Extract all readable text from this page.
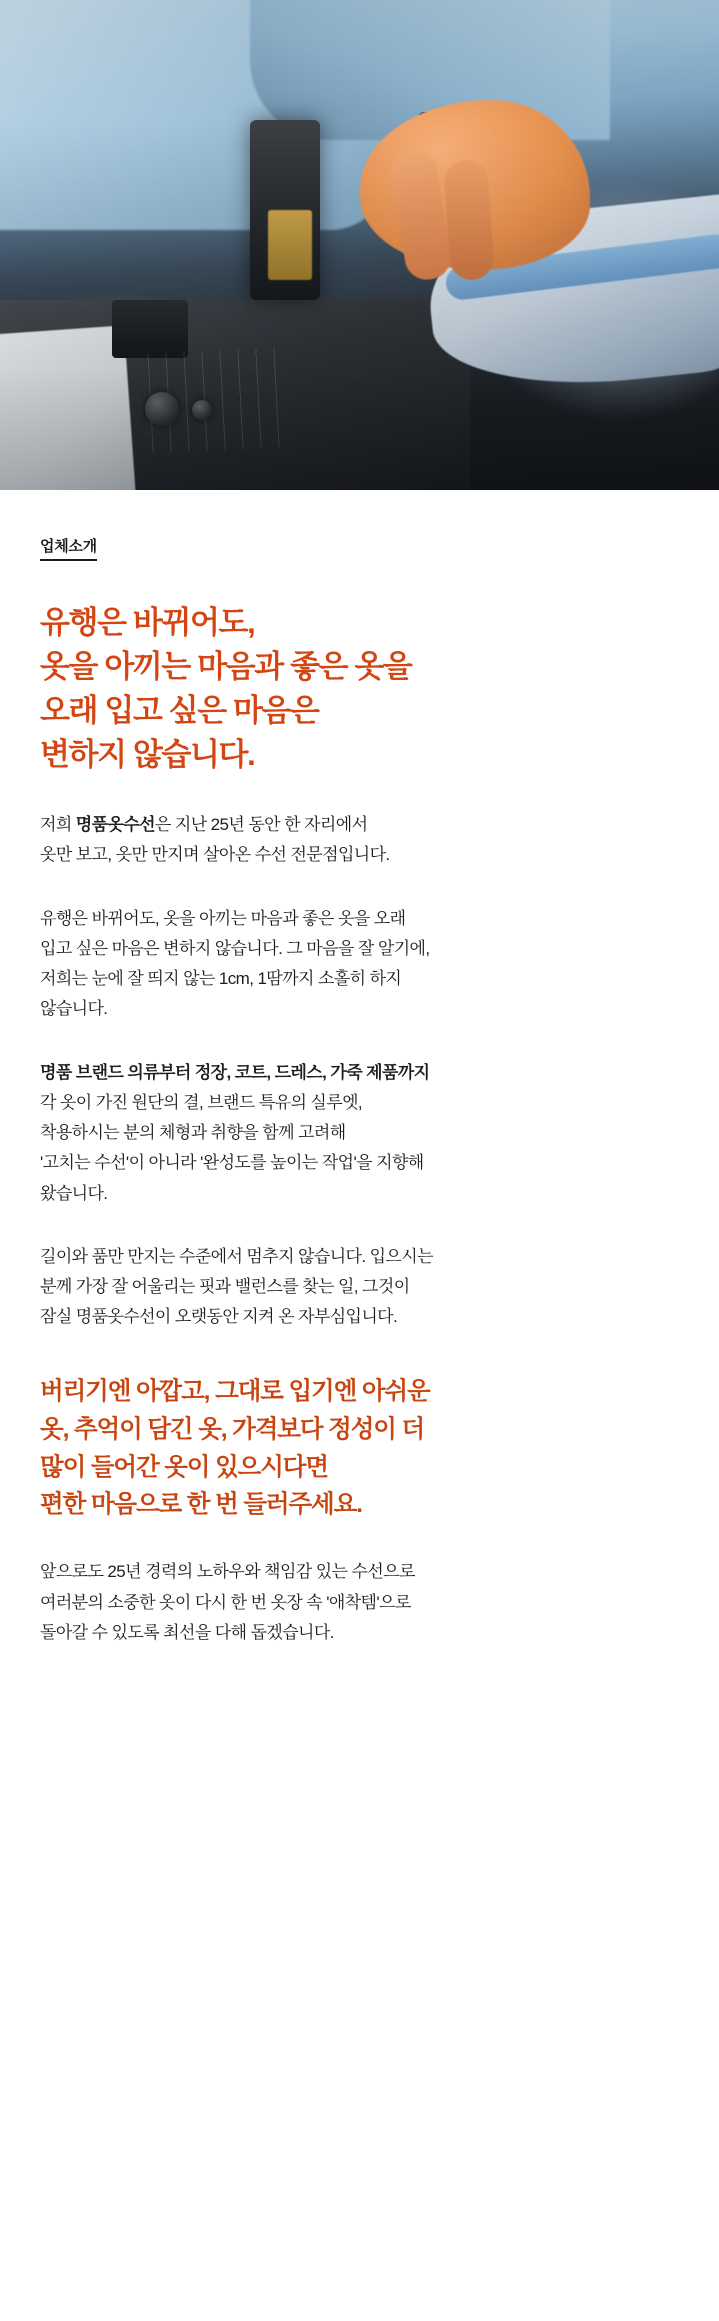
업체소개
유행은 바뀌어도,
옷을 아끼는 마음과 좋은 옷을
오래 입고 싶은 마음은
변하지 않습니다.

저희 명품옷수선은 지난 25년 동안 한 자리에서
옷만 보고, 옷만 만지며 살아온 수선 전문점입니다.

유행은 바뀌어도, 옷을 아끼는 마음과 좋은 옷을 오래
입고 싶은 마음은 변하지 않습니다. 그 마음을 잘 알기에,
저희는 눈에 잘 띄지 않는 1cm, 1땀까지 소홀히 하지
않습니다.

명품 브랜드 의류부터 정장, 코트, 드레스, 가죽 제품까지
각 옷이 가진 원단의 결, 브랜드 특유의 실루엣,
착용하시는 분의 체형과 취향을 함께 고려해
'고치는 수선'이 아니라 '완성도를 높이는 작업'을 지향해
왔습니다.

길이와 품만 만지는 수준에서 멈추지 않습니다. 입으시는
분께 가장 잘 어울리는 핏과 밸런스를 찾는 일, 그것이
잠실 명품옷수선이 오랫동안 지켜 온 자부심입니다.

버리기엔 아깝고, 그대로 입기엔 아쉬운
옷, 추억이 담긴 옷, 가격보다 정성이 더
많이 들어간 옷이 있으시다면
편한 마음으로 한 번 들러주세요.

앞으로도 25년 경력의 노하우와 책임감 있는 수선으로
여러분의 소중한 옷이 다시 한 번 옷장 속 '애착템'으로
돌아갈 수 있도록 최선을 다해 돕겠습니다.
